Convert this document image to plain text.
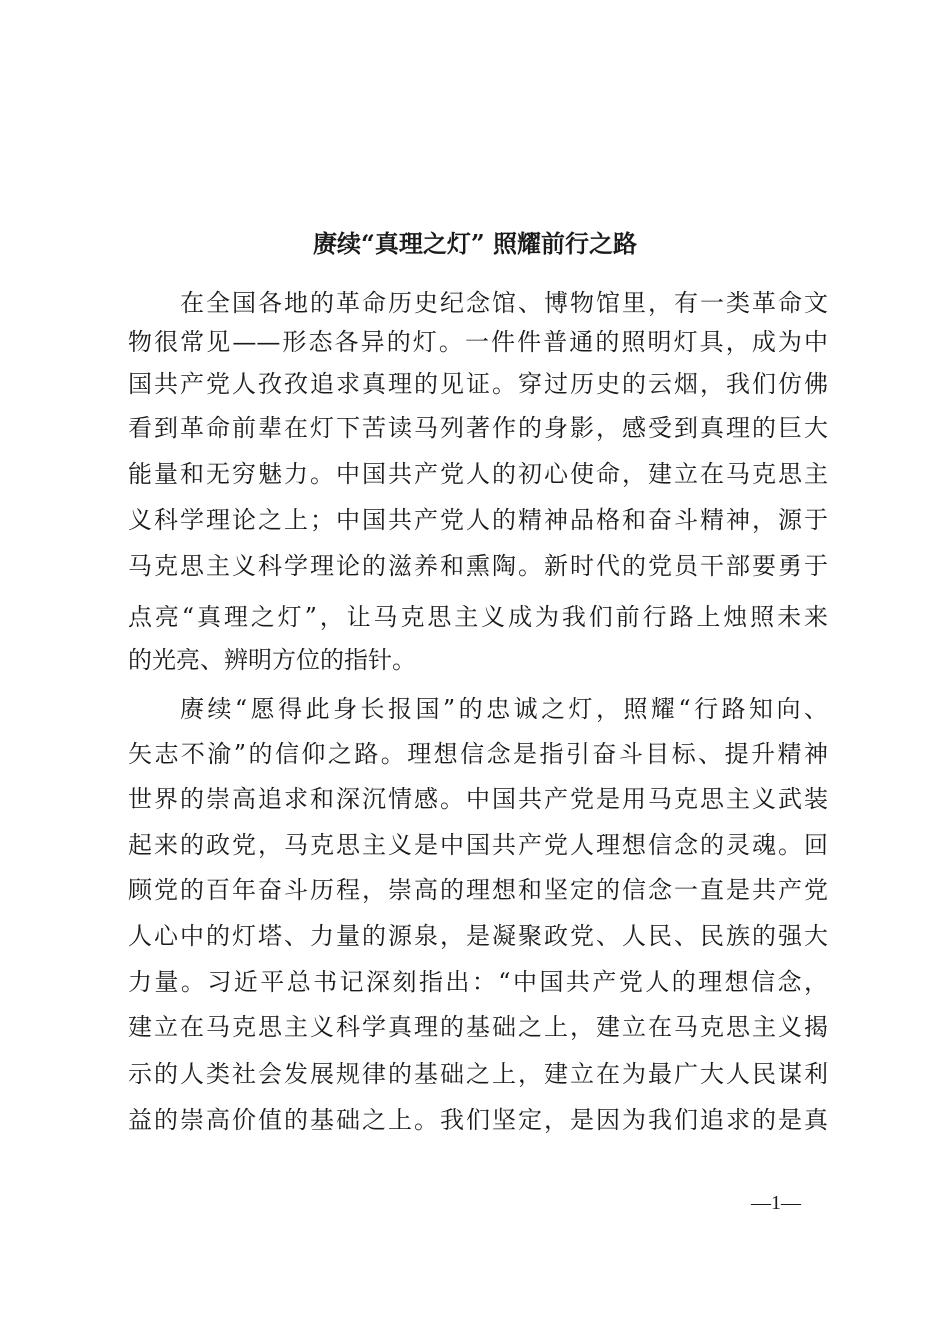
赓续“真理之灯” 照耀前行之路
在全国各地的革命历史纪念馆、博物馆里，有一类革命文
物很常见——形态各异的灯。一件件普通的照明灯具，成为中
国共产党人孜孜追求真理的见证。穿过历史的云烟，我们仿佛
看到革命前辈在灯下苦读马列著作的身影，感受到真理的巨大
能量和无穷魅力。中国共产党人的初心使命，建立在马克思主
义科学理论之上；中国共产党人的精神品格和奋斗精神，源于
马克思主义科学理论的滋养和熏陶。新时代的党员干部要勇于
点亮“真理之灯”，让马克思主义成为我们前行路上烛照未来
的光亮、辨明方位的指针。
赓续“愿得此身长报国”的忠诚之灯，照耀“行路知向、
矢志不渝”的信仰之路。理想信念是指引奋斗目标、提升精神
世界的崇高追求和深沉情感。中国共产党是用马克思主义武装
起来的政党，马克思主义是中国共产党人理想信念的灵魂。回
顾党的百年奋斗历程，崇高的理想和坚定的信念一直是共产党
人心中的灯塔、力量的源泉，是凝聚政党、人民、民族的强大
力量。习近平总书记深刻指出：“中国共产党人的理想信念，
建立在马克思主义科学真理的基础之上，建立在马克思主义揭
示的人类社会发展规律的基础之上，建立在为最广大人民谋利
益的崇高价值的基础之上。我们坚定，是因为我们追求的是真
—1—
